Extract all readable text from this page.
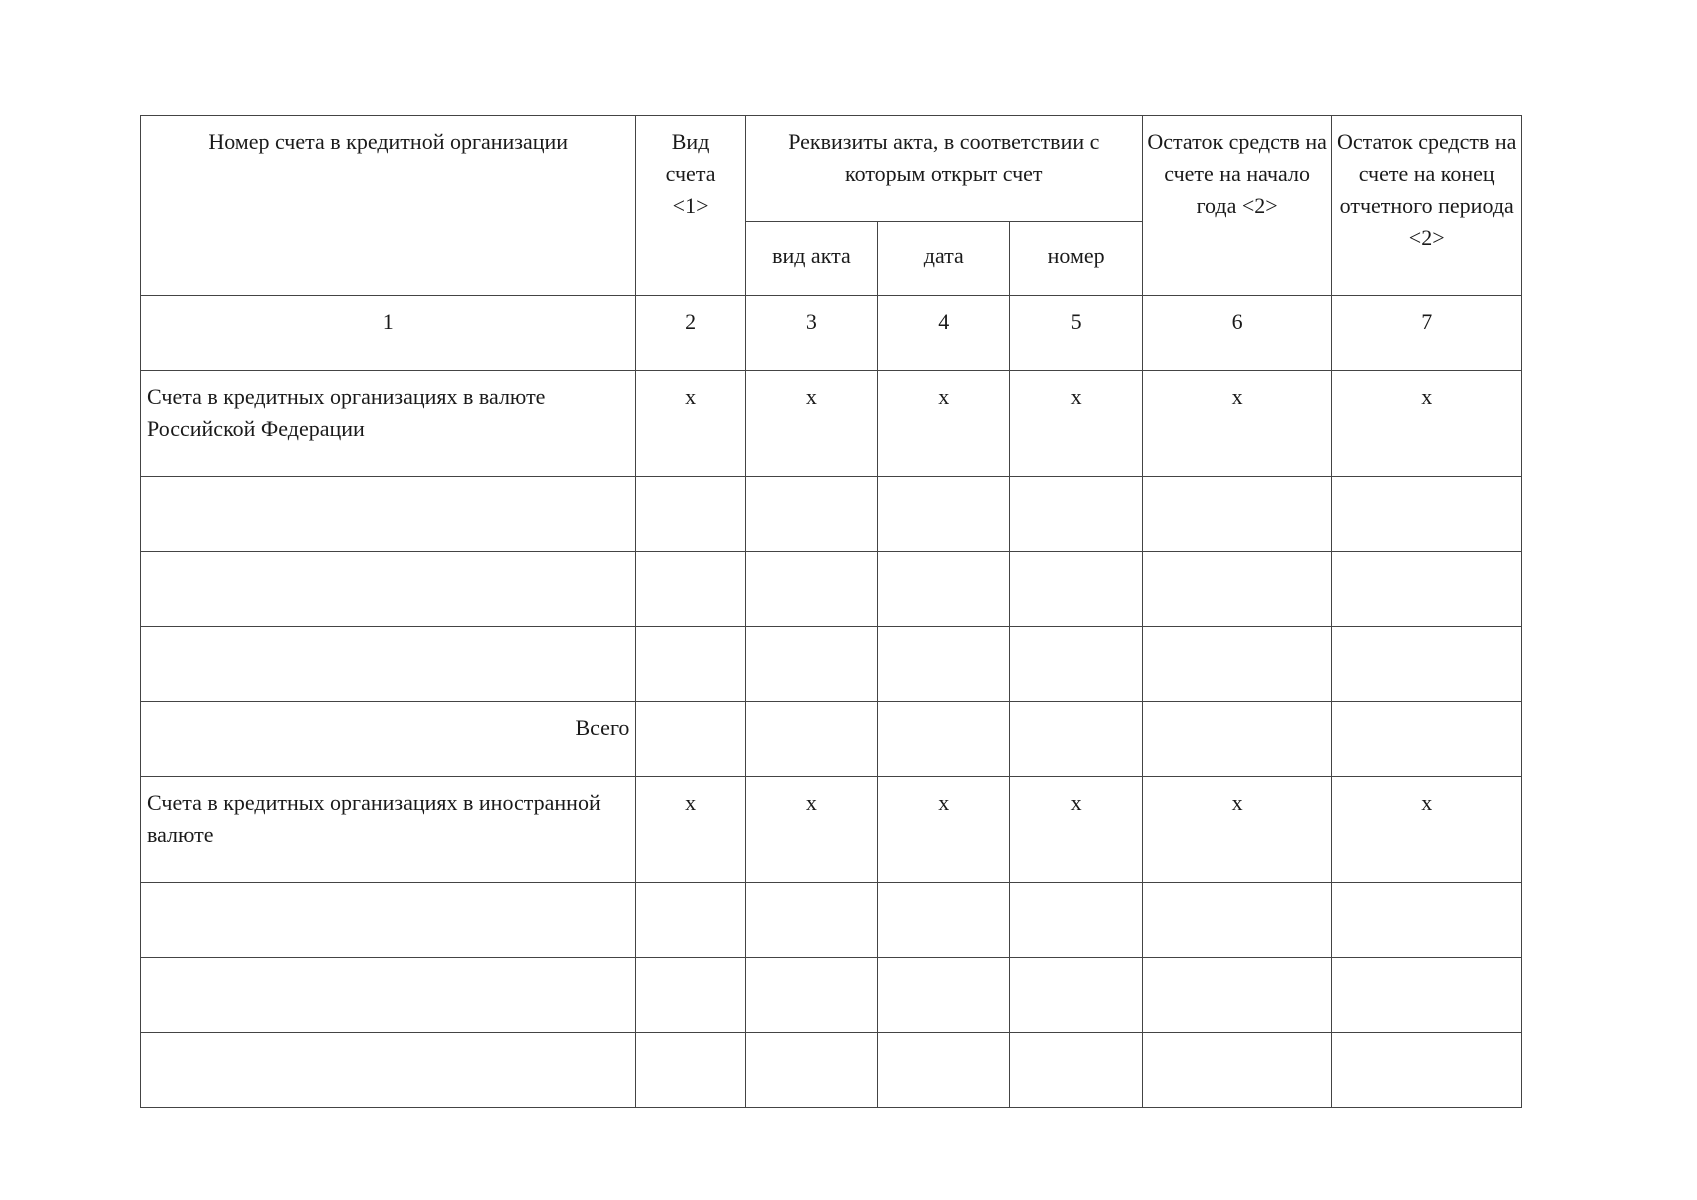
Номер счета в кредитной организации	Вид счета <1>	Реквизиты акта, в соответствии с которым открыт счет			Остаток средств на счете на начало года <2>	Остаток средств на счете на конец отчетного периода <2>

		вид акта	дата	номер		
1	2	3	4	5	6	7
Счета в кредитных организациях в валюте Российской Федерации	x	x	x	x	x	x

Всего						
Счета в кредитных организациях в иностранной валюте	x	x	x	x	x	x
